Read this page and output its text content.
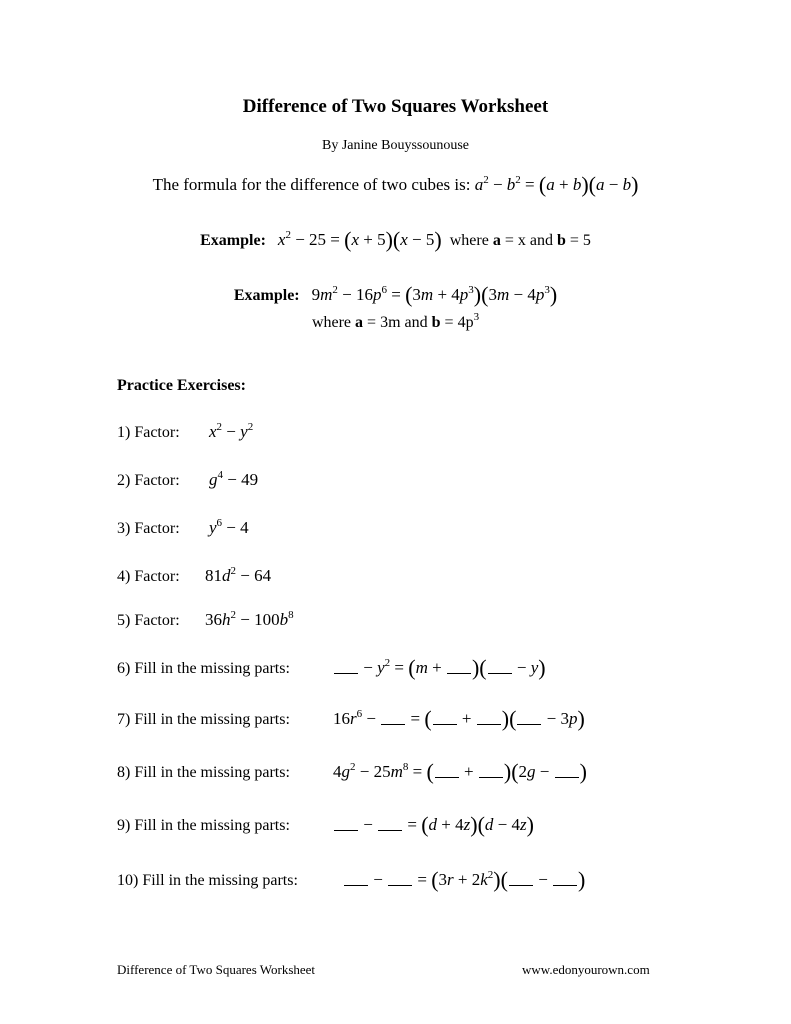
Difference of Two Squares Worksheet
By Janine Bouyssounouse
The formula for the difference of two cubes is: $a^2 - b^2 = (a + b)(a - b)$
Example: $x^2 - 25 = (x + 5)(x - 5)$ where a = x and b = 5
Example: $9m^2 - 16p^6 = (3m + 4p^3)(3m - 4p^3)$
where a = 3m and $b = 4p^3$
Practice Exercises:
1) Factor: $x^2 - y^2$
2) Factor: $g^4 - 49$
3) Factor: $y^6 - 4$
4) Factor: $81d^2 - 64$
5) Factor: $36h^2 - 100b^8$
6) Fill in the missing parts:	− $y^2 = (m$ + )( − y)
7) Fill in the missing parts:	$16r^6$ −  = ( + )( − 3p)
8) Fill in the missing parts:	$4g^2 - 25m^8$ = ( + )(2g − )
9) Fill in the missing parts:	−  = (d + 4z)(d − 4z)
10) Fill in the missing parts:	−  = $(3r + 2k^2)$( − )
Difference of Two Squares Worksheet	www.edonyourown.com
